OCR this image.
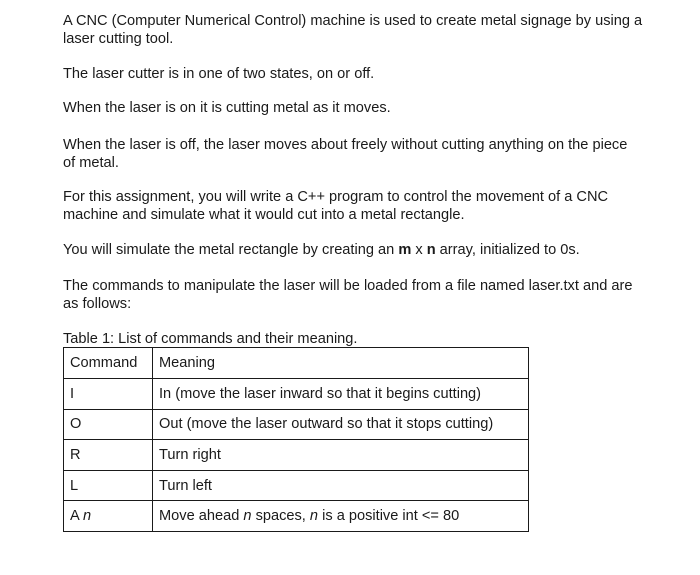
A CNC (Computer Numerical Control) machine is used to create metal signage by using a laser cutting tool.

The laser cutter is in one of two states, on or off.

When the laser is on it is cutting metal as it moves.

When the laser is off, the laser moves about freely without cutting anything on the piece of metal.

For this assignment, you will write a C++ program to control the movement of a CNC machine and simulate what it would cut into a metal rectangle.

You will simulate the metal rectangle by creating an m x n array, initialized to 0s.

The commands to manipulate the laser will be loaded from a file named laser.txt and are as follows:

Table 1: List of commands and their meaning.

Command	Meaning
I	In (move the laser inward so that it begins cutting)
O	Out (move the laser outward so that it stops cutting)
R	Turn right
L	Turn left
A n	Move ahead n spaces, n is a positive int <= 80
